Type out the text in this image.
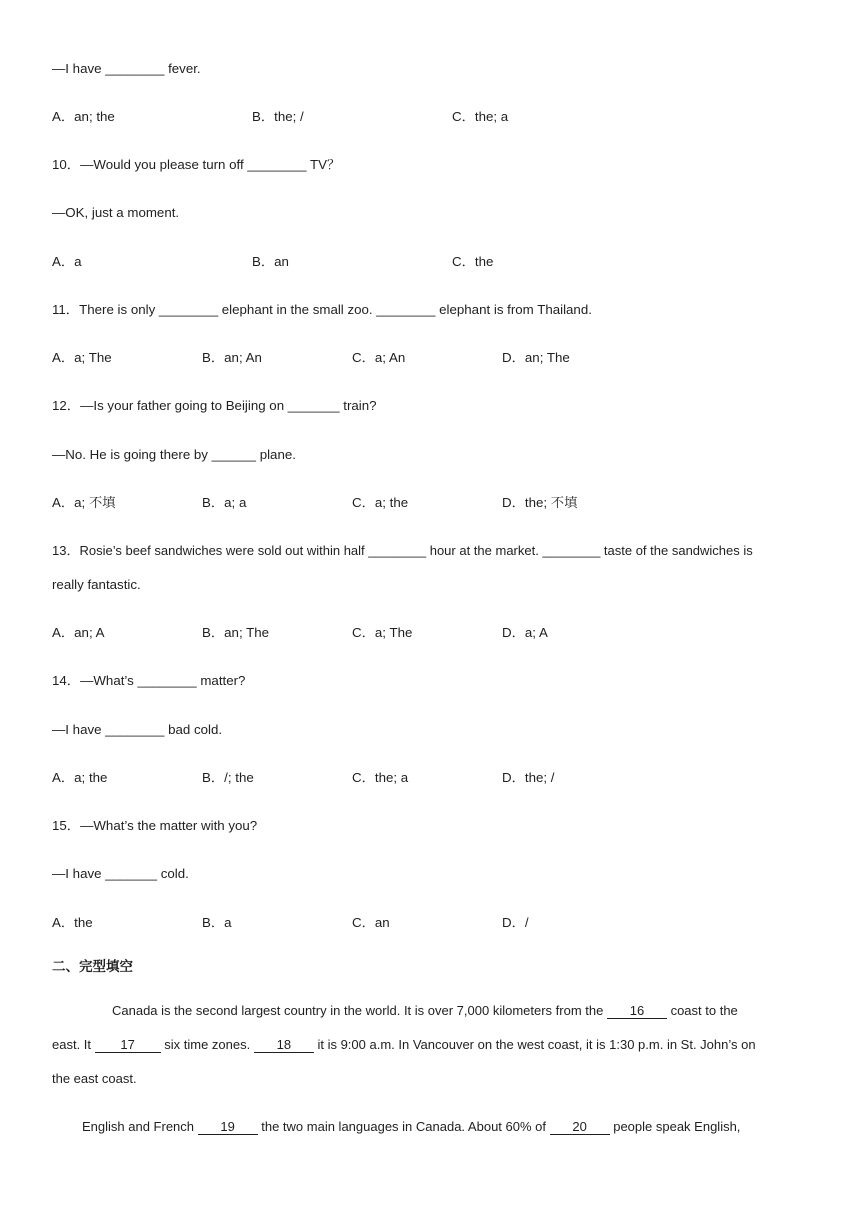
—I have ________ fever.
A．an; the	B．the; /	C．the; a
10．—Would you please turn off ________ TV？
—OK, just a moment.
A．a	B．an	C．the
11．There is only ________ elephant in the small zoo. ________ elephant is from Thailand.
A．a; The	B．an; An	C．a; An	D．an; The
12．—Is your father going to Beijing on _______ train?
—No. He is going there by ______ plane.
A．a; 不填	B．a; a	C．a; the	D．the; 不填
13．Rosie’s beef sandwiches were sold out within half ________ hour at the market. ________ taste of the sandwiches is
really fantastic.
A．an; A	B．an; The	C．a; The	D．a; A
14．—What’s ________ matter?
—I have ________ bad cold.
A．a; the	B．/; the	C．the; a	D．the; /
15．—What’s the matter with you?
—I have _______ cold.
A．the	B．a	C．an	D．/
二、完型填空
Canada is the second largest country in the world. It is over 7,000 kilometers from the 16 coast to the
east. It 17 six time zones. 18 it is 9:00 a.m. In Vancouver on the west coast, it is 1:30 p.m. in St. John’s on
the east coast.
English and French 19 the two main languages in Canada. About 60% of 20 people speak English,
